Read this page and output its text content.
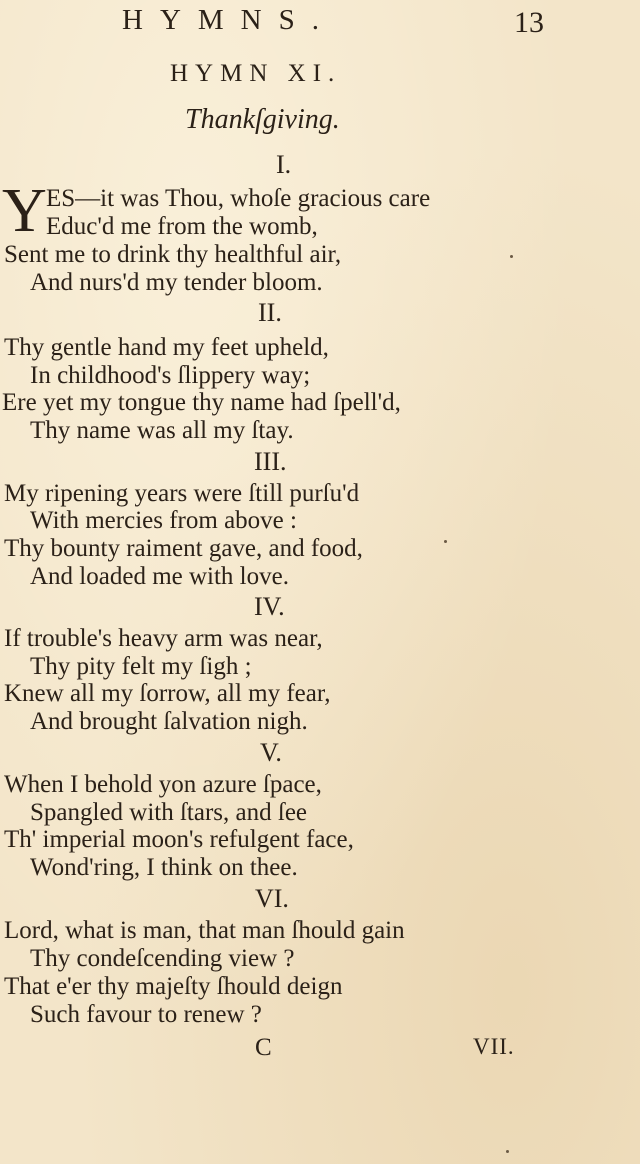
HYMNS.	13
HYMN XI.
Thankſgiving.
I.
Y ES—it was Thou, whoſe gracious care
Educ'd me from the womb,
Sent me to drink thy healthful air,
And nurs'd my tender bloom.
II.
Thy gentle hand my feet upheld,
In childhood's ſlippery way;
Ere yet my tongue thy name had ſpell'd,
Thy name was all my ſtay.
III.
My ripening years were ſtill purſu'd
With mercies from above :
Thy bounty raiment gave, and food,
And loaded me with love.
IV.
If trouble's heavy arm was near,
Thy pity felt my ſigh ;
Knew all my ſorrow, all my fear,
And brought ſalvation nigh.
V.
When I behold yon azure ſpace,
Spangled with ſtars, and ſee
Th' imperial moon's refulgent face,
Wond'ring, I think on thee.
VI.
Lord, what is man, that man ſhould gain
Thy condeſcending view ?
That e'er thy majeſty ſhould deign
Such favour to renew ?
C	VII.
